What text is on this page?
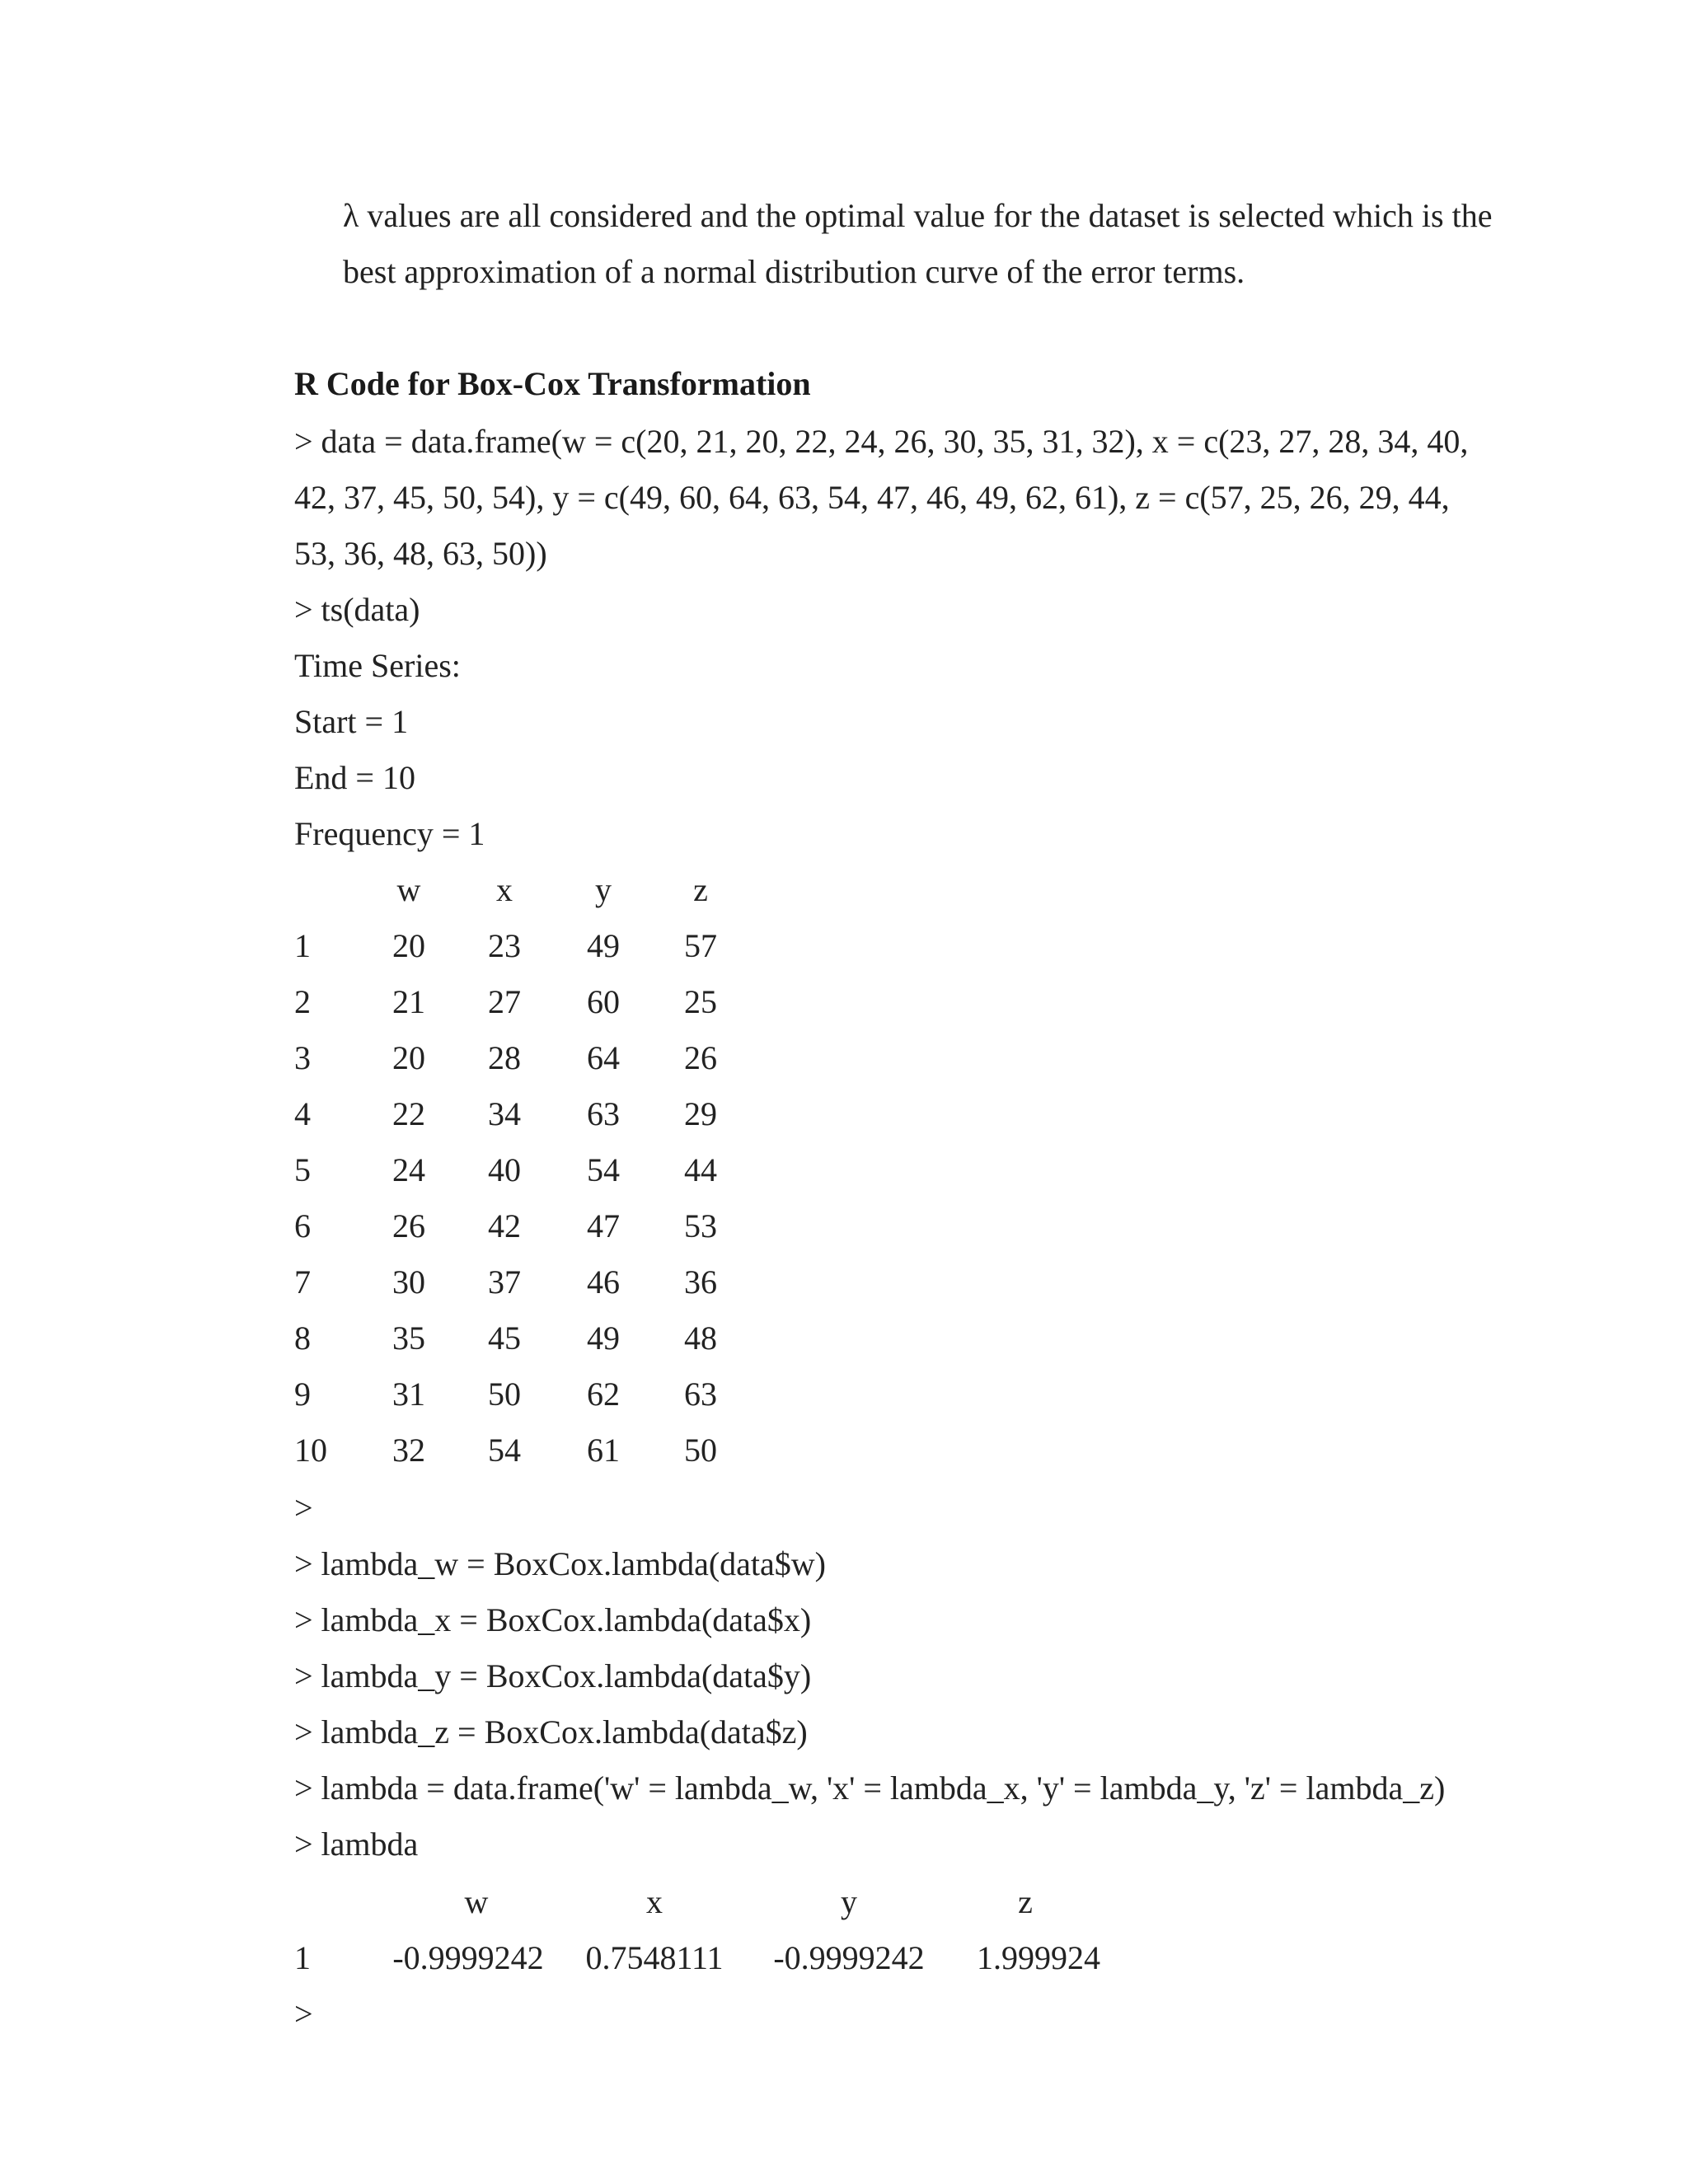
λ values are all considered and the optimal value for the dataset is selected which is the

best approximation of a normal distribution curve of the error terms.

R Code for Box-Cox Transformation
> data = data.frame(w = c(20, 21, 20, 22, 24, 26, 30, 35, 31, 32), x = c(23, 27, 28, 34, 40,
42, 37, 45, 50, 54), y = c(49, 60, 64, 63, 54, 47, 46, 49, 62, 61), z = c(57, 25, 26, 29, 44,
53, 36, 48, 63, 50))
> ts(data)
Time Series:
Start = 1
End = 10
Frequency = 1
w x	y z
1 20 23 49 57
2 21 27 60 25
3 20 28 64 26
4 22 34 63 29
5 24 40 54 44
6 26 42 47 53
7 30 37 46 36
8 35 45 49 48
9 31 50 62 63
10 32 54 61 50
>
> lambda_w = BoxCox.lambda(data$w)
> lambda_x = BoxCox.lambda(data$x)
> lambda_y = BoxCox.lambda(data$y)
> lambda_z = BoxCox.lambda(data$z)
> lambda = data.frame('w' = lambda_w, 'x' = lambda_x, 'y' = lambda_y, 'z' = lambda_z)
> lambda
w	x	y	z
1 -0.9999242	0.7548111	-0.9999242	1.999924
>
